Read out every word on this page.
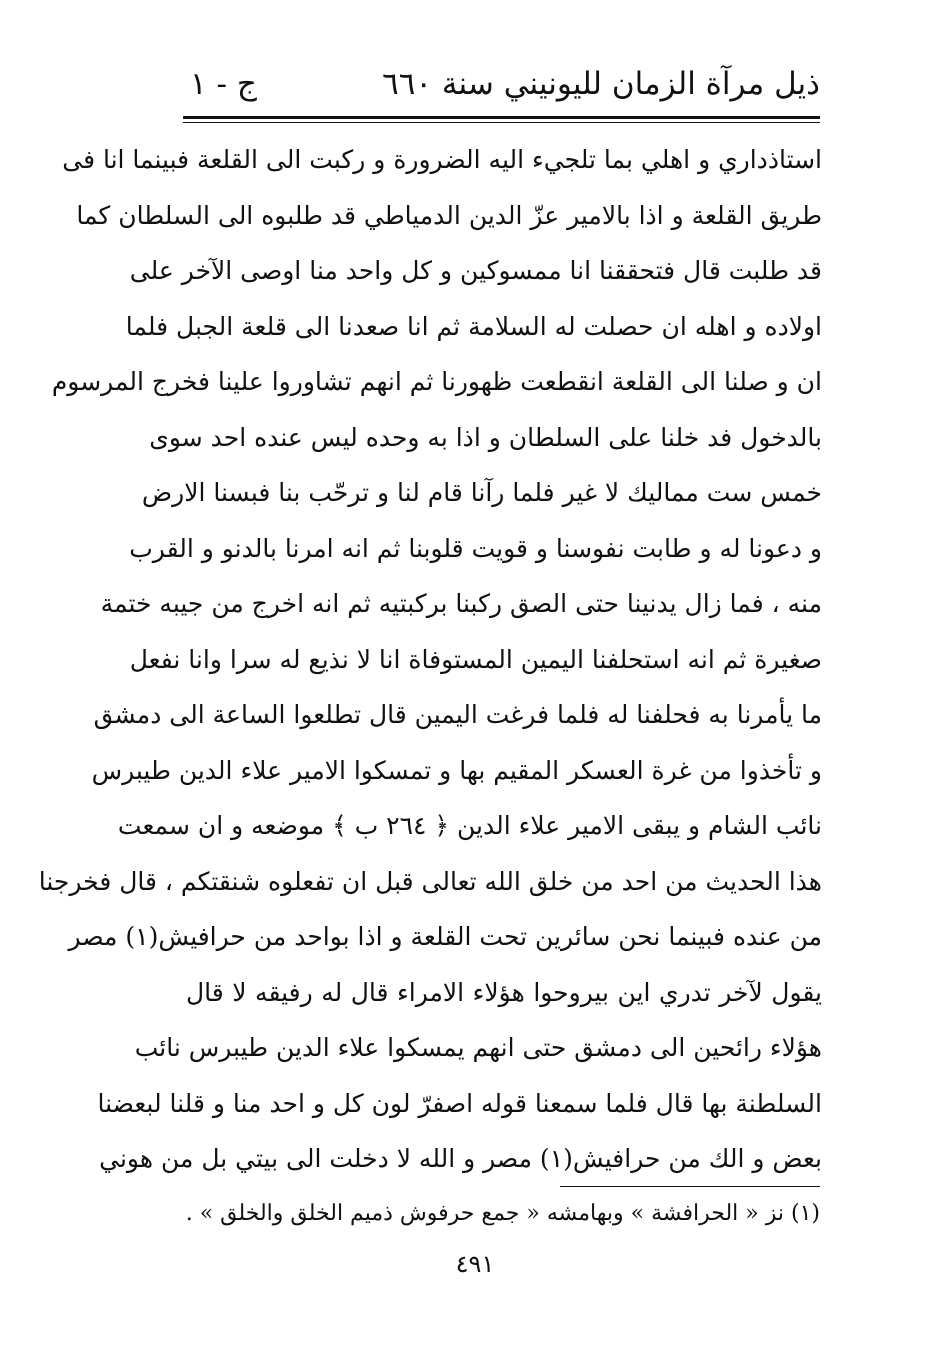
ذيل مرآة الزمان لليونيني سنة ٦٦٠
ج - ١
استاذداري و اهلي بما تلجيء اليه الضرورة و ركبت الى القلعة فبينما انا فى
طريق القلعة و اذا بالامير عزّ الدين الدمياطي قد طلبوه الى السلطان كما
قد طلبت قال فتحققنا انا ممسوكين و كل واحد منا اوصى الآخر على
اولاده و اهله ان حصلت له السلامة ثم انا صعدنا الى قلعة الجبل فلما
ان و صلنا الى القلعة انقطعت ظهورنا ثم انهم تشاوروا علينا فخرج المرسوم
بالدخول فد خلنا على السلطان و اذا به وحده ليس عنده احد سوى
خمس ست مماليك لا غير فلما رآنا قام لنا و ترحّب بنا فبسنا الارض
و دعونا له و طابت نفوسنا و قويت قلوبنا ثم انه امرنا بالدنو و القرب
منه ، فما زال يدنينا حتى الصق ركبنا بركبتيه ثم انه اخرج من جيبه ختمة
صغيرة ثم انه استحلفنا اليمين المستوفاة انا لا نذيع له سرا وانا نفعل
ما يأمرنا به فحلفنا له فلما فرغت اليمين قال تطلعوا الساعة الى دمشق
و تأخذوا من غرة العسكر المقيم بها و تمسكوا الامير علاء الدين طيبرس
نائب الشام و يبقى الامير علاء الدين ﴿ ٢٦٤ ب ﴾ موضعه و ان سمعت
هذا الحديث من احد من خلق الله تعالى قبل ان تفعلوه شنقتكم ، قال فخرجنا
من عنده فبينما نحن سائرين تحت القلعة و اذا بواحد من حرافيش(١) مصر
يقول لآخر تدري اين بيروحوا هؤلاء الامراء قال له رفيقه لا قال
هؤلاء رائحين الى دمشق حتى انهم يمسكوا علاء الدين طيبرس نائب
السلطنة بها قال فلما سمعنا قوله اصفرّ لون كل و احد منا و قلنا لبعضنا
بعض و الك من حرافيش(١) مصر و الله لا دخلت الى بيتي بل من هوني
(١) نز « الحرافشة » وبهامشه « جمع حرفوش ذميم الخلق والخلق » .
٤٩١
